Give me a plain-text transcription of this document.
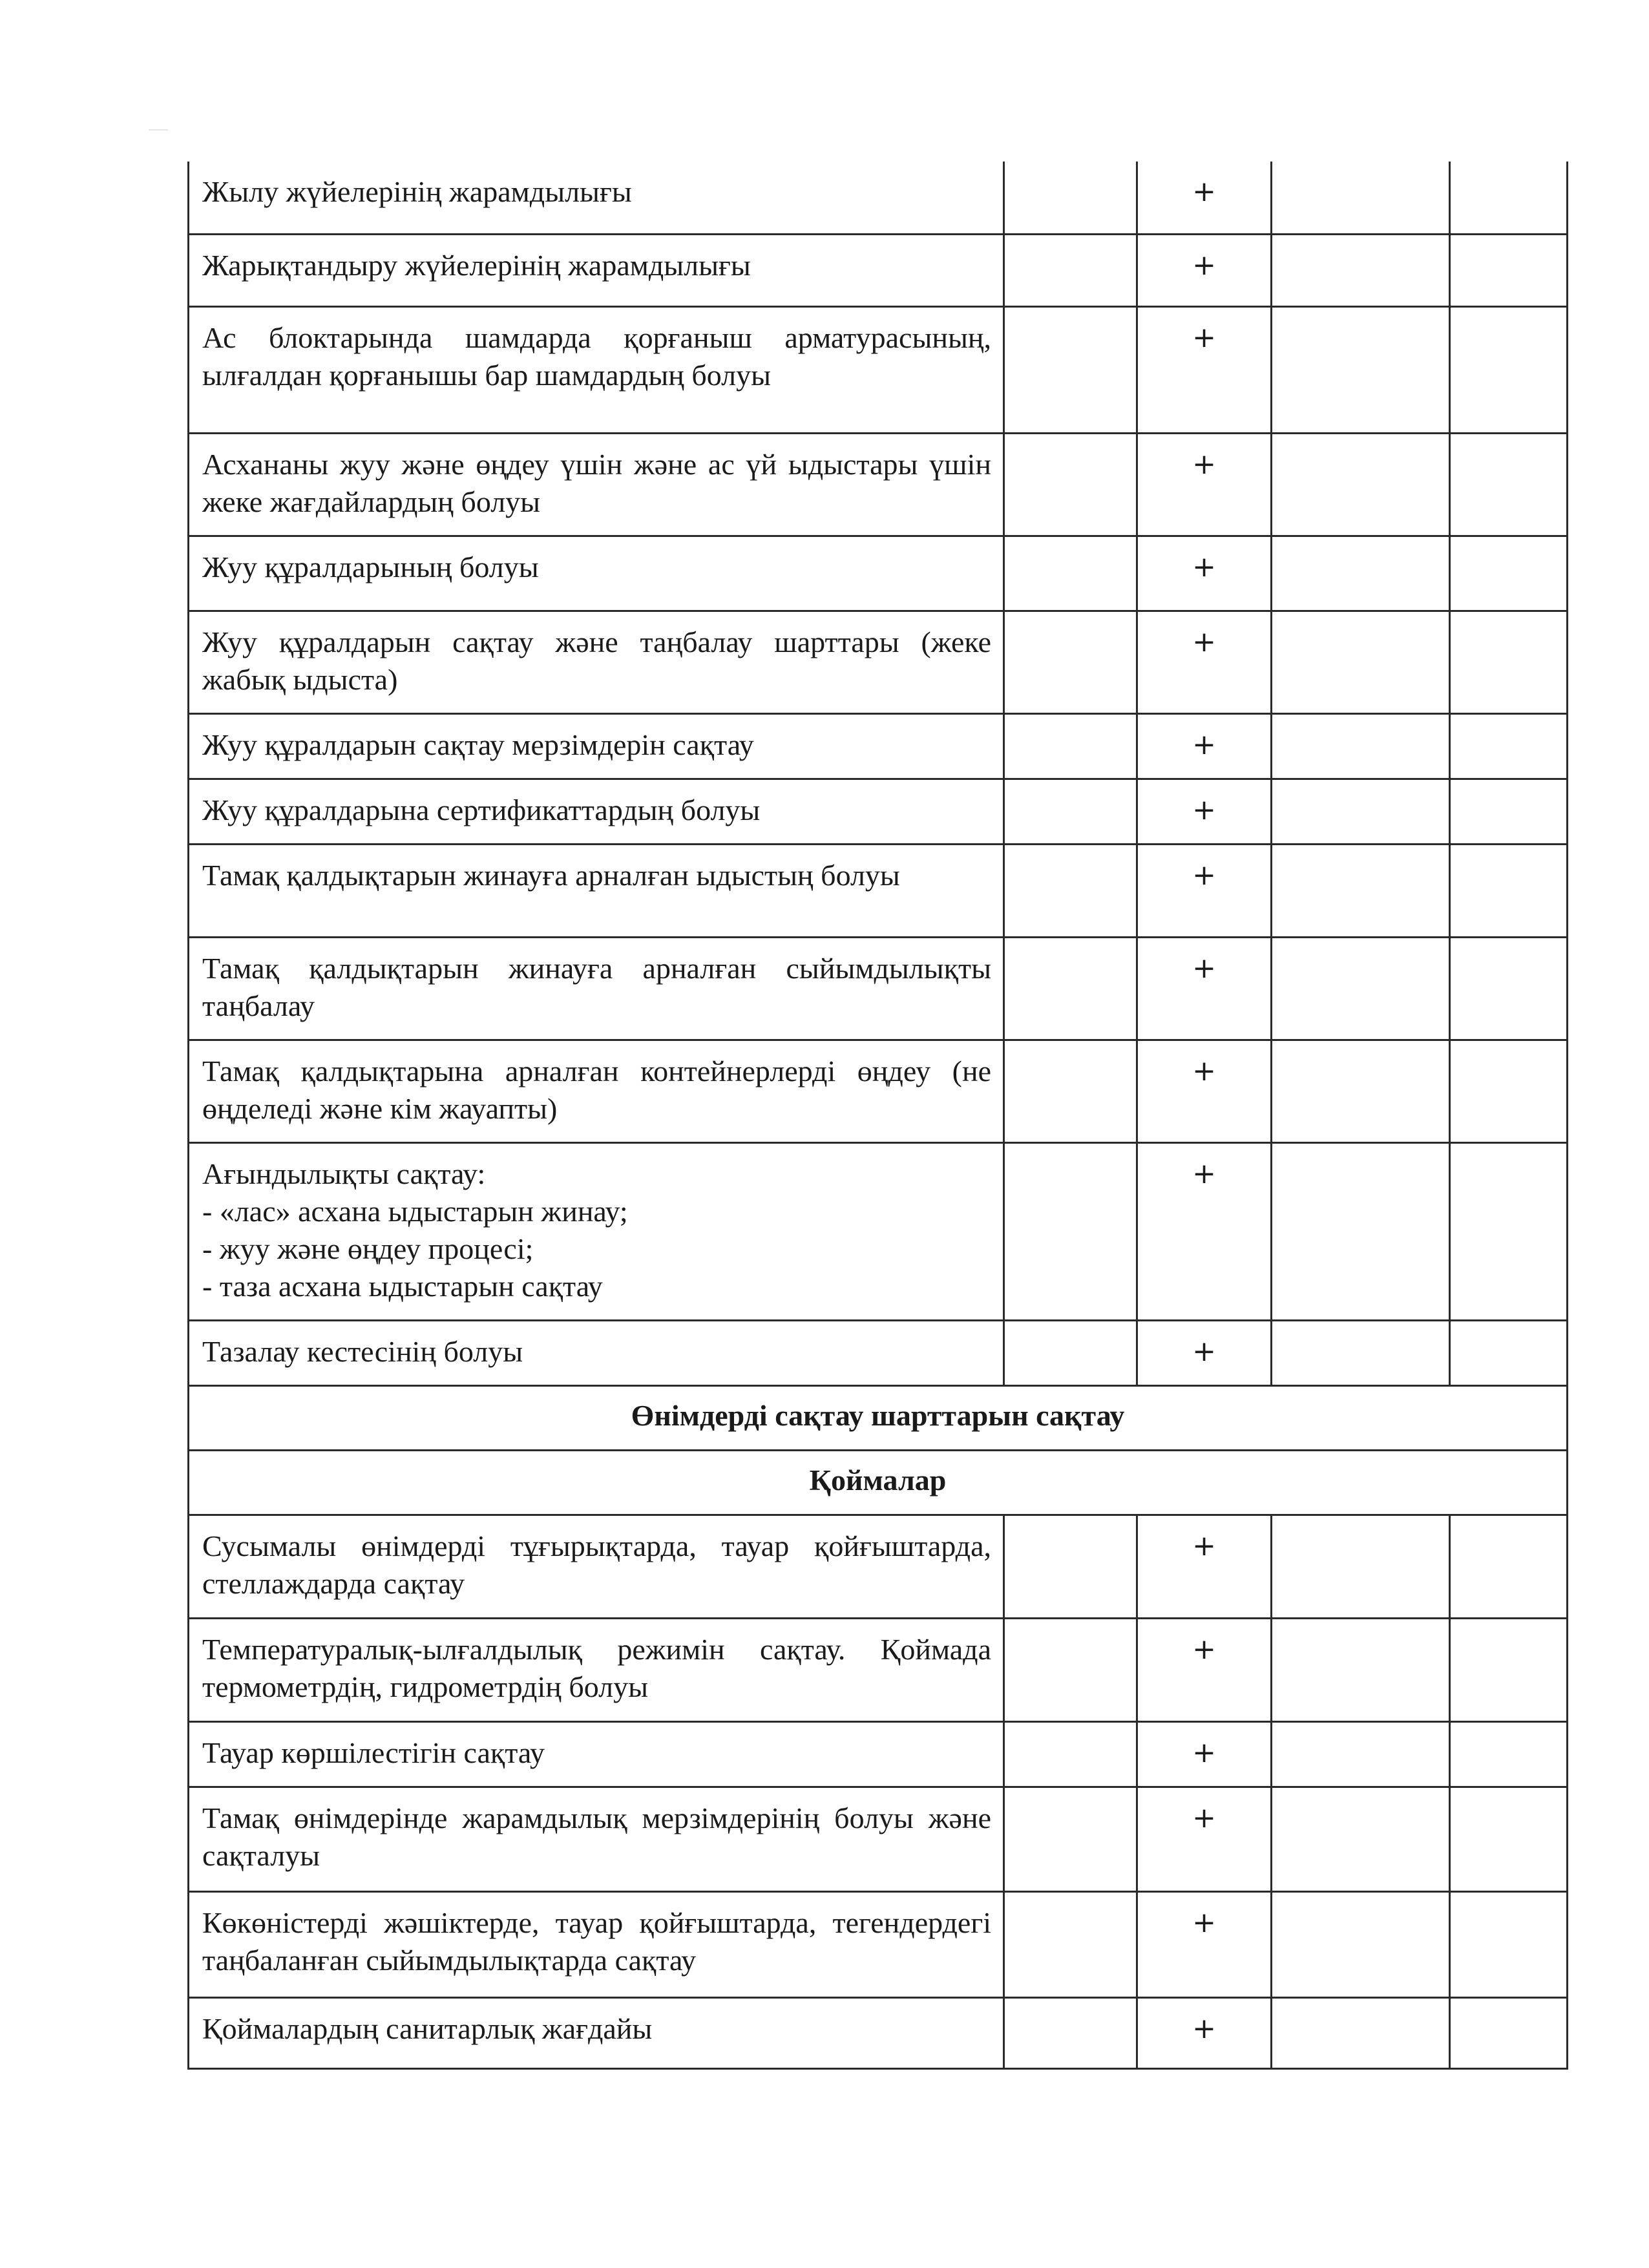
Жылу жүйелерінің жарамдылығы		+		
Жарықтандыру жүйелерінің жарамдылығы		+		
Ас блоктарында шамдарда қорғаныш арматурасының, ылғалдан қорғанышы бар шамдардың болуы		+		
Асхананы жуу және өңдеу үшін және ас үй ыдыстары үшін жеке жағдайлардың болуы		+		
Жуу құралдарының болуы		+		
Жуу құралдарын сақтау және таңбалау шарттары (жеке жабық ыдыста)		+		
Жуу құралдарын сақтау мерзімдерін сақтау		+		
Жуу құралдарына сертификаттардың болуы		+		
Тамақ қалдықтарын жинауға арналған ыдыстың болуы		+		
Тамақ қалдықтарын жинауға арналған сыйымдылықты таңбалау		+		
Тамақ қалдықтарына арналған контейнерлерді өңдеу (не өңделеді және кім жауапты)		+		

Ағындылықты сақтау:
- «лас» асхана ыдыстарын жинау;
- жуу және өңдеу процесі;
- таза асхана ыдыстарын сақтау		+		
Тазалау кестесінің болуы		+		
Өнімдерді сақтау шарттарын сақтау				
Қоймалар				
Сусымалы өнімдерді тұғырықтарда, тауар қойғыштарда, стеллаждарда сақтау		+		
Температуралық-ылғалдылық режимін сақтау. Қоймада термометрдің, гидрометрдің болуы		+		
Тауар көршілестігін сақтау		+		
Тамақ өнімдерінде жарамдылық мерзімдерінің болуы және сақталуы		+		
Көкөністерді жәшіктерде, тауар қойғыштарда, тегендердегі таңбаланған сыйымдылықтарда сақтау		+		
Қоймалардың санитарлық жағдайы		+		
